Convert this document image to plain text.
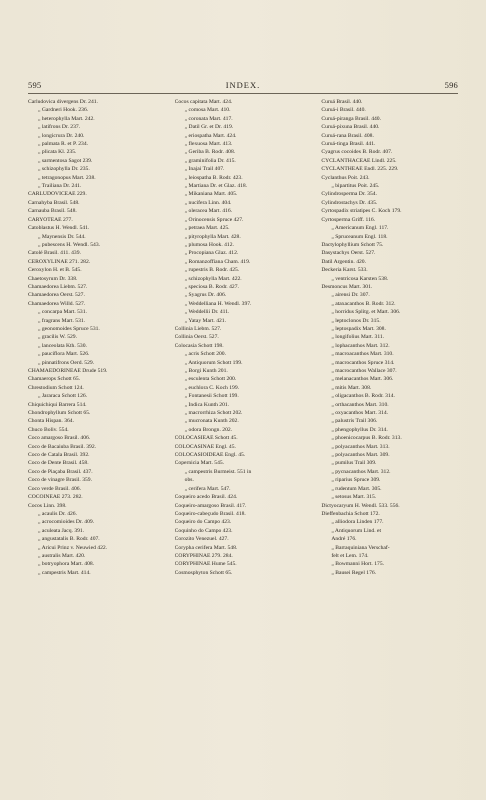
595	INDEX.	596
Carludovica divergens Dr. 241.
„ Gardneri Hook. 236.
„ heterophylla Mart. 242.
„ latifrons Dr. 237.
„ longicrura Dr. 240.
„ palmata R. et P. 234.
„ plicata Kl. 235.
„ sarmentosa Sagot 239.
„ schizophylla Dr. 235.
„ tetragonopus Mart. 238.
„ Trailiana Dr. 241.
CARLUDOVICEAE 229.
Carnahyba Brasil. 548.
Carnauba Brasil. 548.
CARYOTEAE 277.
Catoblastus H. Wendl. 541.
„ Maynensis Dr. 544.
„ pubescens H. Wendl. 543.
Catolé Brasil. 411. 439.
CEROXYLINAE 271. 282.
Ceroxylon H. et B. 545.
Chaetosyrum Dr. 338.
Chamaedorea Liebm. 527.
Chamaedorea Oerst. 527.
Chamaedorea Willd. 527.
„ concarpa Mart. 531.
„ fragrans Mart. 531.
„ geonomoides Spruce 531.
„ gracilis W. 529.
„ lanceolata Kth. 530.
„ pauciflora Mart. 526.
„ pinnatifrons Oerd. 529.
CHAMAEDORINEAE Drude 519.
Chamaerops Schott 65.
Chrestodium Schott 124.
„ Jararaca Schott 126.
Chiquichiqui Barrera 514.
Chondrophyllum Schott 65.
Chonta Hispan. 364.
Chuco Boliv. 554.
Coco amargoso Brasil. 406.
Coco de Bacaiuba Brasil. 392.
Coco de Catala Brasil. 392.
Coco de Dente Brasil. 458.
Coco de Piaçaba Brasil. 437.
Coco de vinagre Brasil. 359.
Coco verde Brasil. 406.
COCOINEAE 273. 282.
Cocos Linn. 398.
„ acaulis Dr. 426.
„ acrocomioides Dr. 409.
„ aculeata Jacq. 391.
„ angustatalis B. Rodr. 407.
„ Aricui Prinz v. Neuwied 422.
„ australis Mart. 420.
„ botryophora Mart. 408.
„ campestris Mart. 414.
Cocos capitata Mart. 424.
„ comosa Mart. 410.
„ coronata Mart. 417.
„ Datil Gr. et Dr. 419.
„ eriospatha Mart. 424.
„ flexuosa Mart. 413.
„ Geriba B. Rodr. 408.
„ graminifolia Dr. 415.
„ Inajai Trail 407.
„ leiospatha B. Rodr. 423.
„ Martiana Dr. et Glaz. 418.
„ Mikaniana Mart. 405.
„ nucifera Linn. 404.
„ oleracea Mart. 416.
„ Orinocensis Spruce 427.
„ petraea Mart. 425.
„ pityrophylla Mart. 428.
„ plumosa Hook. 412.
„ Procopiana Glaz. 412.
„ Romanzoffiana Cham. 419.
„ rupestris B. Rodr. 425.
„ schizophylla Mart. 422.
„ speciosa B. Rodr. 427.
„ Syagrus Dr. 406.
„ Weddelliana H. Wendl. 397.
„ Weddellii Dr. 411.
„ Yatay Mart. 421.
Collinia Liebm. 527.
Collinia Oerst. 527.
Colocasia Schott 198.
„ acris Schott 200.
„ Antiquorum Schott 199.
„ Borgi Kunth 201.
„ esculenta Schott 200.
„ euchlora C. Koch 199.
„ Fontanesii Schott 199.
„ Indica Kunth 201.
„ macrorrhiza Schott 202.
„ mucronata Kunth 202.
„ odora Brongn. 202.
COLOCASIEAE Schott 45.
COLOCASINAE Engl. 45.
COLOCASIOIDEAE Engl. 45.
Copernicia Mart. 545.
„ campestris Burmeist. 551 in
obs.
„ cerifera Mart. 547.
Coqueiro acedo Brasil. 424.
Coqueiro-amargoso Brasil. 417.
Coqueiro-cabeçudo Brasil. 418.
Coqueiro do Campo 423.
Coquinho do Campo 423.
Corozito Venezuel. 427.
Corypha cerifera Mart. 548.
CORYPHINAE 279. 284.
CORYPHINAE Hume 545.
Cosmosphyton Schott 65.
Curuá Brasil. 440.
Curuá-i Brasil. 440.
Curuá-piranga Brasil. 440.
Curuá-pixuna Brasil. 440.
Curuá-rana Brasil. 408.
Curuá-tinga Brasil. 441.
Cyagrus cocoides B. Rodr. 407.
CYCLANTHACEAE Lindl. 225.
CYCLANTHEAE Endl. 225. 229.
Cyclanthus Poit. 243.
„ bipartitus Poit. 245.
Cylindrosperma Dr. 354.
Cylindrostachys Dr. 435.
Cyrtospadix striatipes C. Koch 179.
Cyrtosperma Griff. 116.
„ Americanum Engl. 117.
„ Spruceanum Engl. 118.
Dactylophyllium Schott 75.
Dasystachys Oerst. 527.
Datil Argentin. 420.
Deckeria Karst. 533.
„ ventricosa Karsten 538.
Desmoncus Mart. 301.
„ airensi Dr. 307.
„ ataxacanthos B. Rodr. 312.
„ horridus Splitg. et Mart. 306.
„ leptoclonos Dr. 315.
„ leptospadix Mart. 308.
„ longifolius Mart. 311.
„ lophacanthos Mart. 312.
„ macroacanthos Mart. 310.
„ macrocanthos Spruce 314.
„ macrocanthos Wallace 307.
„ melanacanthos Mart. 306.
„ mitis Mart. 308.
„ oligacanthos B. Rodr. 314.
„ orthacanthos Mart. 310.
„ oxyacanthos Mart. 314.
„ palustris Trail 306.
„ phengophyllus Dr. 314.
„ phoenicocarpus B. Rodr. 313.
„ polyacanthos Mart. 313.
„ polyacanthos Mart. 309.
„ pumilus Trail 309.
„ pycnacanthos Mart. 312.
„ riparius Spruce 309.
„ rudentum Mart. 305.
„ setosus Mart. 315.
Dictyocaryum H. Wendl. 533. 556.
Dieffenbachia Schott 172.
„ alliodora Linden 177.
„ Antiquorum Lind. et
André 176.
„ Barraquiniana Verschaf-
felt et Lem. 174.
„ Bowmanni Hort. 175.
„ Bausei Regel 176.
